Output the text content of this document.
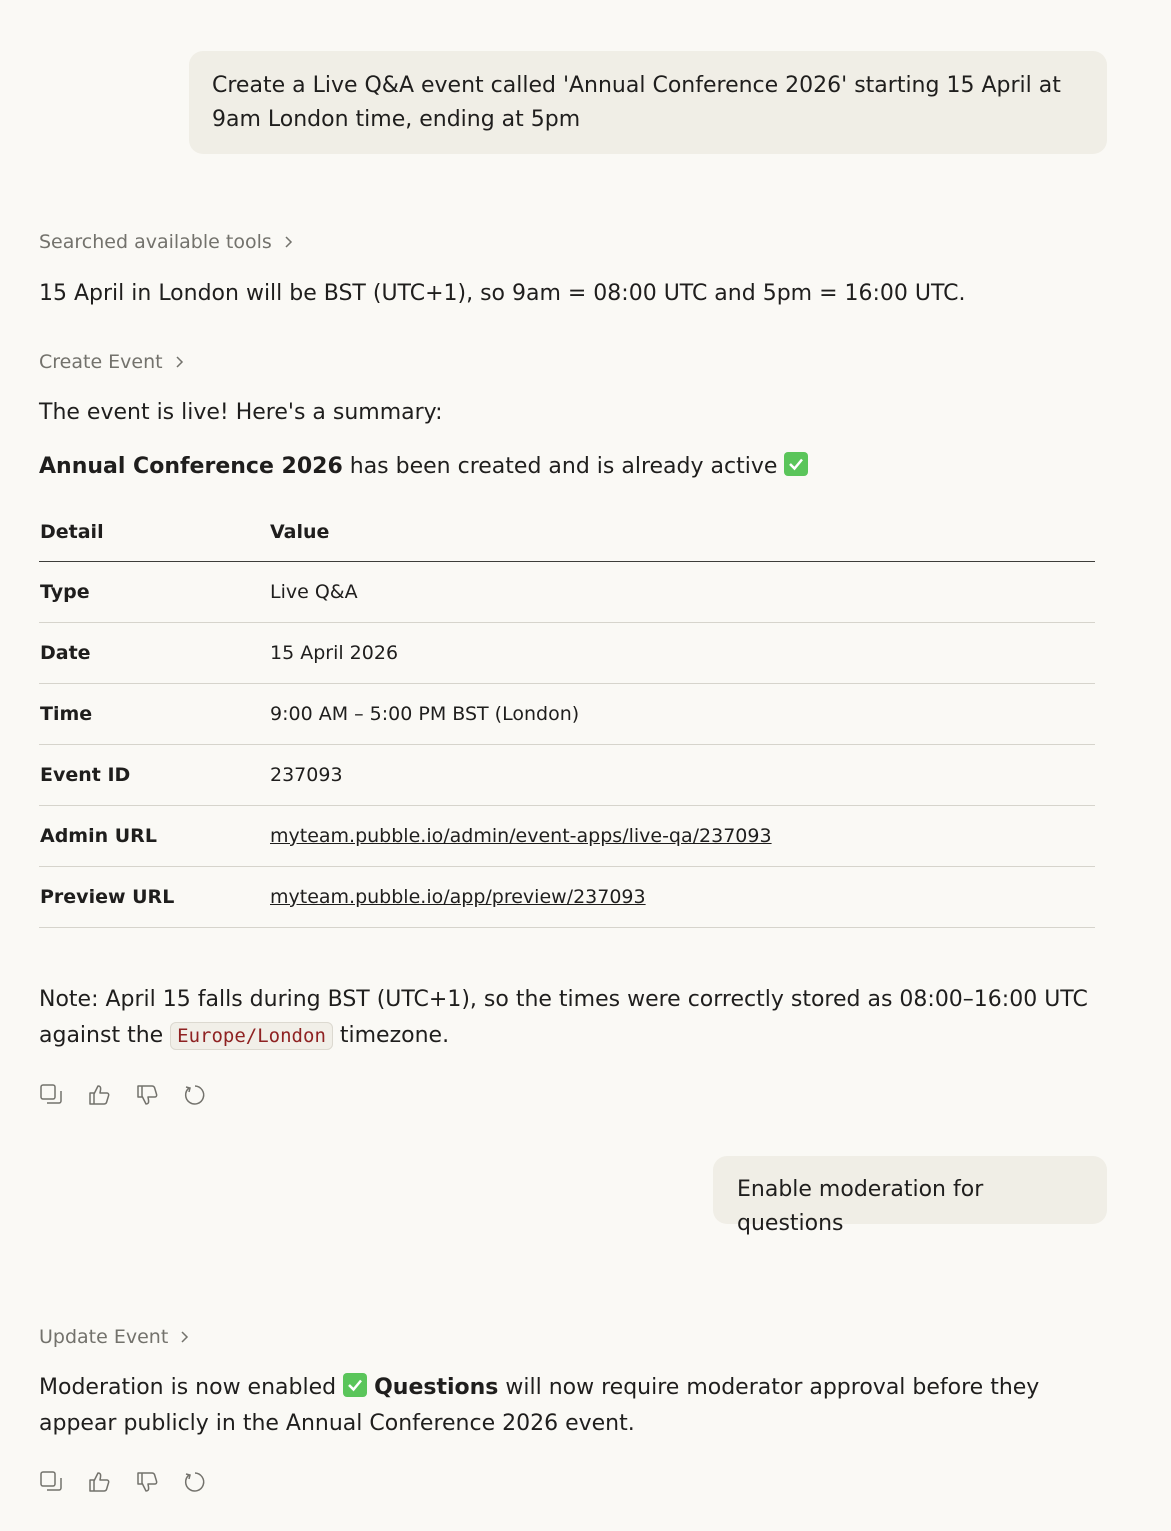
Create a Live Q&A event called 'Annual Conference 2026' starting 15 April at 9am London time, ending at 5pm
Searched available tools
15 April in London will be BST (UTC+1), so 9am = 08:00 UTC and 5pm = 16:00 UTC.
Create Event
The event is live! Here's a summary:
Annual Conference 2026 has been created and is already active
Detail	Value
Type	Live Q&A
Date	15 April 2026
Time	9:00 AM – 5:00 PM BST (London)
Event ID	237093
Admin URL	myteam.pubble.io/admin/event-apps/live-qa/237093
Preview URL	myteam.pubble.io/app/preview/237093
Note: April 15 falls during BST (UTC+1), so the times were correctly stored as 08:00–16:00 UTC
against the Europe/London timezone.
Enable moderation for questions
Update Event
Moderation is now enabled
Questions will now require moderator approval before they
appear publicly in the Annual Conference 2026 event.
